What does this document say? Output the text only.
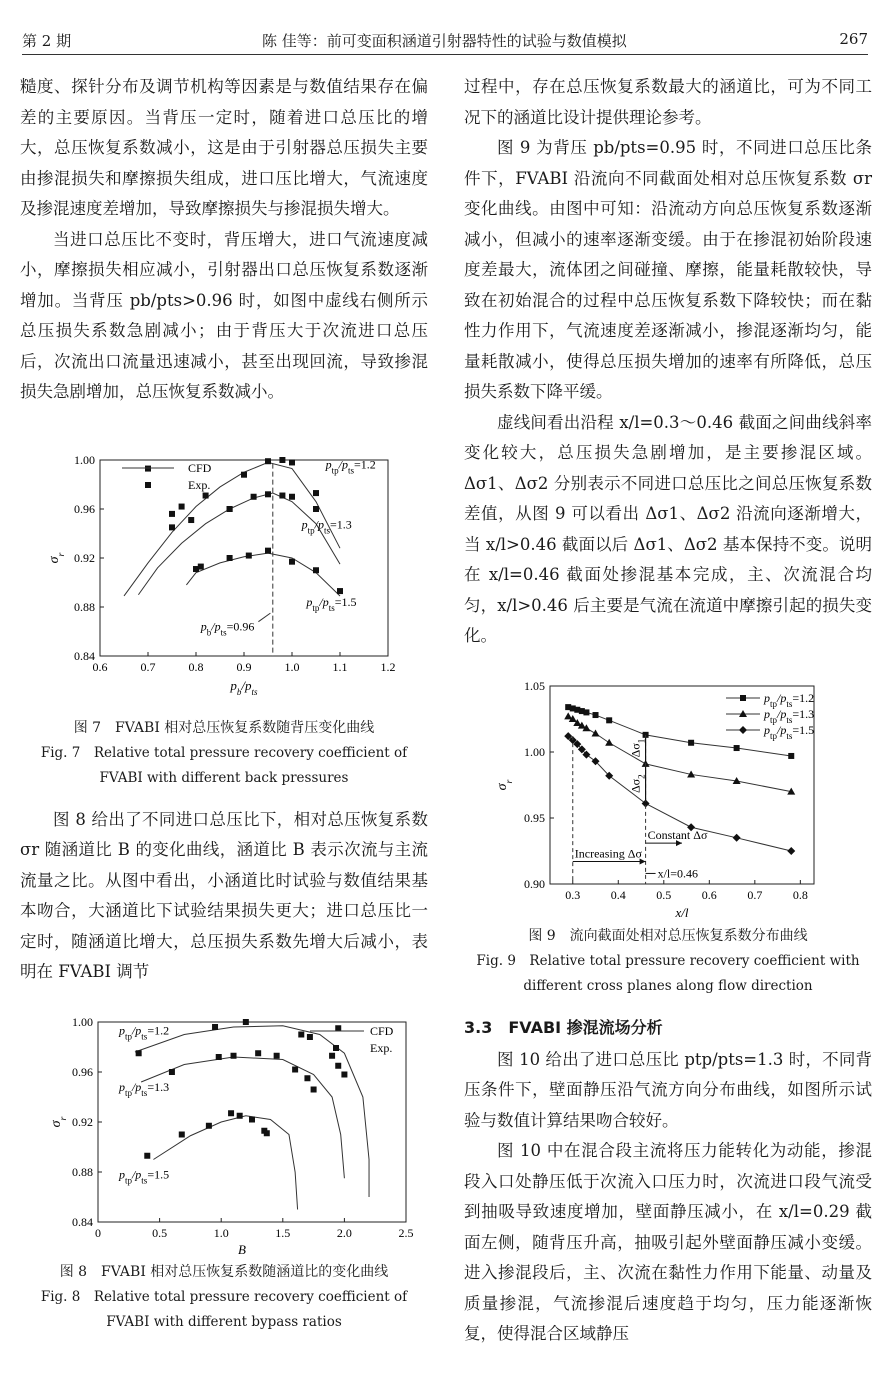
第 2 期	陈 佳等：前可变面积涵道引射器特性的试验与数值模拟	267

糙度、探针分布及调节机构等因素是与数值结果存在偏差的主要原因。当背压一定时，随着进口总压比的增大，总压恢复系数减小，这是由于引射器总压损失主要由掺混损失和摩擦损失组成，进口压比增大，气流速度及掺混速度差增加，导致摩擦损失与掺混损失增大。

当进口总压比不变时，背压增大，进口气流速度减小，摩擦损失相应减小，引射器出口总压恢复系数逐渐增加。当背压 pb/pts>0.96 时，如图中虚线右侧所示总压损失系数急剧减小；由于背压大于次流进口总压后，次流出口流量迅速减小，甚至出现回流，导致掺混损失急剧增加，总压恢复系数减小。

0.6	0.7	0.8	0.9	1.0	1.1	1.2
0.84
0.88
0.92
0.96
1.00
CFD
Exp.
$p_{tp}/p_{ts}=1.2$
$p_{tp}/p_{ts}=1.3$
$p_{tp}/p_{ts}=1.5$
$p_b/p_{ts}=0.96$
$\sigma_r$
$p_b/p_{ts}$
图 7　FVABI 相对总压恢复系数随背压变化曲线
Fig. 7　Relative total pressure recovery coefficient of
FVABI with different back pressures

图 8 给出了不同进口总压比下，相对总压恢复系数 σr 随涵道比 B 的变化曲线，涵道比 B 表示次流与主流流量之比。从图中看出，小涵道比时试验与数值结果基本吻合，大涵道比下试验结果损失更大；进口总压比一定时，随涵道比增大，总压损失系数先增大后减小，表明在 FVABI 调节

0	0.5	1.0	1.5	2.0	2.5
0.84
0.88
0.92
0.96
1.00
CFD
Exp.
$p_{tp}/p_{ts}=1.2$
$p_{tp}/p_{ts}=1.3$
$p_{tp}/p_{ts}=1.5$
$\sigma_r$
B
图 8　FVABI 相对总压恢复系数随涵道比的变化曲线
Fig. 8　Relative total pressure recovery coefficient of
FVABI with different bypass ratios

过程中，存在总压恢复系数最大的涵道比，可为不同工况下的涵道比设计提供理论参考。

图 9 为背压 pb/pts=0.95 时，不同进口总压比条件下，FVABI 沿流向不同截面处相对总压恢复系数 σr 变化曲线。由图中可知：沿流动方向总压恢复系数逐渐减小，但减小的速率逐渐变缓。由于在掺混初始阶段速度差最大，流体团之间碰撞、摩擦，能量耗散较快，导致在初始混合的过程中总压恢复系数下降较快；而在黏性力作用下，气流速度差逐渐减小，掺混逐渐均匀，能量耗散减小，使得总压损失增加的速率有所降低，总压损失系数下降平缓。

虚线间看出沿程 x/l=0.3～0.46 截面之间曲线斜率变化较大，总压损失急剧增加，是主要掺混区域。Δσ1、Δσ2 分别表示不同进口总压比之间总压恢复系数差值，从图 9 可以看出 Δσ1、Δσ2 沿流向逐渐增大，当 x/l>0.46 截面以后 Δσ1、Δσ2 基本保持不变。说明在 x/l=0.46 截面处掺混基本完成，主、次流混合均匀，x/l>0.46 后主要是气流在流道中摩擦引起的损失变化。

0.3	0.4	0.5	0.6	0.7	0.8
0.90
0.95
1.00
1.05
$p_{tp}/p_{ts}=1.2$
$p_{tp}/p_{ts}=1.3$
$p_{tp}/p_{ts}=1.5$
$\Delta\sigma_1$
$\Delta\sigma_2$
Increasing Δσ
Constant Δσ
x/l=0.46
$\sigma_r$
x/l
图 9　流向截面处相对总压恢复系数分布曲线
Fig. 9　Relative total pressure recovery coefficient with
different cross planes along flow direction
3.3　FVABI 掺混流场分析

图 10 给出了进口总压比 ptp/pts=1.3 时，不同背压条件下，壁面静压沿气流方向分布曲线，如图所示试验与数值计算结果吻合较好。

图 10 中在混合段主流将压力能转化为动能，掺混段入口处静压低于次流入口压力时，次流进口段气流受到抽吸导致速度增加，壁面静压减小，在 x/l=0.29 截面左侧，随背压升高，抽吸引起外壁面静压减小变缓。进入掺混段后，主、次流在黏性力作用下能量、动量及质量掺混，气流掺混后速度趋于均匀，压力能逐渐恢复，使得混合区域静压
